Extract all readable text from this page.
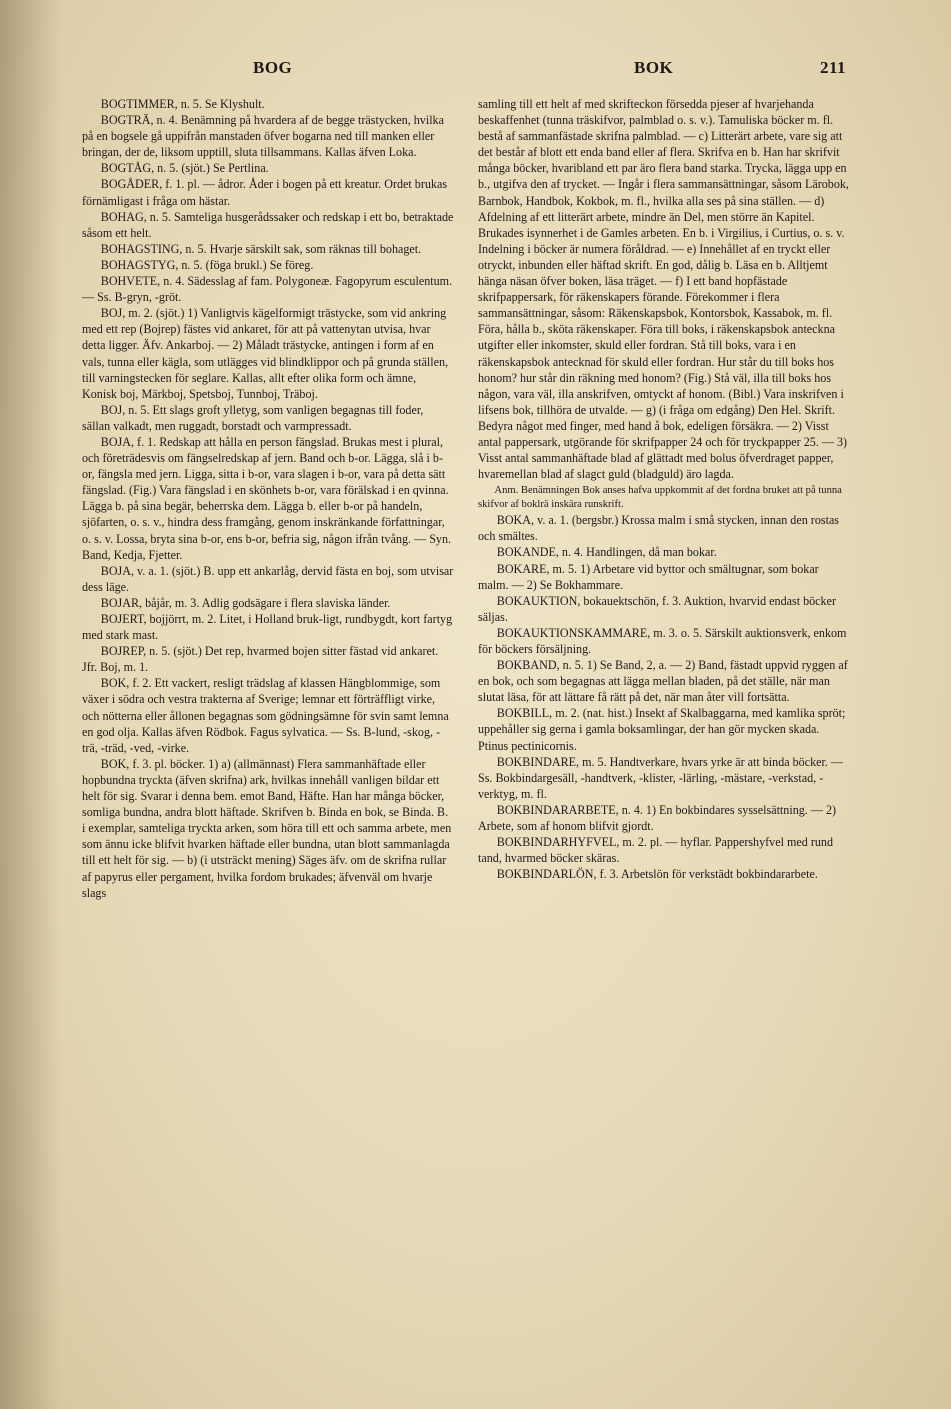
BOG	BOK	211

BOGTIMMER, n. 5. Se Klyshult.

BOGTRÄ, n. 4. Benämning på hvardera af de begge trästycken, hvilka på en bogsele gå uppifrån manstaden öfver bogarna ned till manken eller bringan, der de, liksom upptill, sluta tillsammans. Kallas äfven Loka.

BOGTÅG, n. 5. (sjöt.) Se Pertlina.

BOGÅDER, f. 1. pl. — ådror. Åder i bogen på ett kreatur. Ordet brukas förnämligast i fråga om hästar.

BOHAG, n. 5. Samteliga husgerådssaker och redskap i ett bo, betraktade såsom ett helt.

BOHAGSTING, n. 5. Hvarje särskilt sak, som räknas till bohaget.

BOHAGSTYG, n. 5. (föga brukl.) Se föreg.

BOHVETE, n. 4. Sädesslag af fam. Polygoneæ. Fagopyrum esculentum. — Ss. B-gryn, -gröt.

BOJ, m. 2. (sjöt.) 1) Vanligtvis kägelformigt trästycke, som vid ankring med ett rep (Bojrep) fästes vid ankaret, för att på vattenytan utvisa, hvar detta ligger. Äfv. Ankarboj. — 2) Måladt trästycke, antingen i form af en vals, tunna eller kägla, som utlägges vid blindklippor och på grunda ställen, till varningstecken för seglare. Kallas, allt efter olika form och ämne, Konisk boj, Märkboj, Spetsboj, Tunnboj, Träboj.

BOJ, n. 5. Ett slags groft ylletyg, som vanligen begagnas till foder, sällan valkadt, men ruggadt, borstadt och varmpressadt.

BOJA, f. 1. Redskap att hålla en person fängslad. Brukas mest i plural, och företrädesvis om fängselredskap af jern. Band och b-or. Lägga, slå i b-or, fängsla med jern. Ligga, sitta i b-or, vara slagen i b-or, vara på detta sätt fängslad. (Fig.) Vara fängslad i en skönhets b-or, vara förälskad i en qvinna. Lägga b. på sina begär, beherrska dem. Lägga b. eller b-or på handeln, sjöfarten, o. s. v., hindra dess framgång, genom inskränkande författningar, o. s. v. Lossa, bryta sina b-or, ens b-or, befria sig, någon ifrån tvång. — Syn. Band, Kedja, Fjetter.

BOJA, v. a. 1. (sjöt.) B. upp ett ankarlåg, dervid fästa en boj, som utvisar dess läge.

BOJAR, båjår, m. 3. Adlig godsägare i flera slaviska länder.

BOJERT, bojjörrt, m. 2. Litet, i Holland bruk-ligt, rundbygdt, kort fartyg med stark mast.

BOJREP, n. 5. (sjöt.) Det rep, hvarmed bojen sitter fästad vid ankaret. Jfr. Boj, m. 1.

BOK, f. 2. Ett vackert, resligt trädslag af klassen Hängblommige, som växer i södra och vestra trakterna af Sverige; lemnar ett förträffligt virke, och nötterna eller ållonen begagnas som gödningsämne för svin samt lemna en god olja. Kallas äfven Rödbok. Fagus sylvatica. — Ss. B-lund, -skog, -trä, -träd, -ved, -virke.

BOK, f. 3. pl. böcker. 1) a) (allmännast) Flera sammanhäftade eller hopbundna tryckta (äfven skrifna) ark, hvilkas innehåll vanligen bildar ett helt för sig. Svarar i denna bem. emot Band, Häfte. Han har många böcker, somliga bundna, andra blott häftade. Skrifven b. Binda en bok, se Binda. B. i exemplar, samteliga tryckta arken, som höra till ett och samma arbete, men som ännu icke blifvit hvarken häftade eller bundna, utan blott sammanlagda till ett helt för sig. — b) (i utsträckt mening) Säges äfv. om de skrifna rullar af papyrus eller pergament, hvilka fordom brukades; äfvenväl om hvarje slags

samling till ett helt af med skrifteckon försedda pjeser af hvarjehanda beskaffenhet (tunna träskifvor, palmblad o. s. v.). Tamuliska böcker m. fl. bestå af sammanfästade skrifna palmblad. — c) Litterärt arbete, vare sig att det består af blott ett enda band eller af flera. Skrifva en b. Han har skrifvit många böcker, hvaribland ett par äro flera band starka. Trycka, lägga upp en b., utgifva den af trycket. — Ingår i flera sammansättningar, såsom Lärobok, Barnbok, Handbok, Kokbok, m. fl., hvilka alla ses på sina ställen. — d) Afdelning af ett litterärt arbete, mindre än Del, men större än Kapitel. Brukades isynnerhet i de Gamles arbeten. En b. i Virgilius, i Curtius, o. s. v. Indelning i böcker är numera föråldrad. — e) Innehållet af en tryckt eller otryckt, inbunden eller häftad skrift. En god, dålig b. Läsa en b. Alltjemt hänga näsan öfver boken, läsa träget. — f) I ett band hopfästade skrifpappersark, för räkenskapers förande. Förekommer i flera sammansättningar, såsom: Räkenskapsbok, Kontorsbok, Kassabok, m. fl. Föra, hålla b., sköta räkenskaper. Föra till boks, i räkenskapsbok anteckna utgifter eller inkomster, skuld eller fordran. Stå till boks, vara i en räkenskapsbok antecknad för skuld eller fordran. Hur står du till boks hos honom? hur står din räkning med honom? (Fig.) Stå väl, illa till boks hos någon, vara väl, illa anskrifven, omtyckt af honom. (Bibl.) Vara inskrifven i lifsens bok, tillhöra de utvalde. — g) (i fråga om edgång) Den Hel. Skrift. Bedyra något med finger, med hand å bok, edeligen försäkra. — 2) Visst antal pappersark, utgörande för skrifpapper 24 och för tryckpapper 25. — 3) Visst antal sammanhäftade blad af glättadt med bolus öfverdraget papper, hvaremellan blad af slagct guld (bladguld) äro lagda.

Anm. Benämningen Bok anses hafva uppkommit af det fordna bruket att på tunna skifvor af boklrä inskära runskrift.

BOKA, v. a. 1. (bergsbr.) Krossa malm i små stycken, innan den rostas och smältes.

BOKANDE, n. 4. Handlingen, då man bokar.

BOKARE, m. 5. 1) Arbetare vid byttor och smältugnar, som bokar malm. — 2) Se Bokhammare.

BOKAUKTION, bokauektschön, f. 3. Auktion, hvarvid endast böcker säljas.

BOKAUKTIONSKAMMARE, m. 3. o. 5. Särskilt auktionsverk, enkom för böckers försäljning.

BOKBAND, n. 5. 1) Se Band, 2, a. — 2) Band, fästadt uppvid ryggen af en bok, och som begagnas att lägga mellan bladen, på det ställe, när man slutat läsa, för att lättare få rätt på det, när man åter vill fortsätta.

BOKBILL, m. 2. (nat. hist.) Insekt af Skalbaggarna, med kamlika spröt; uppehåller sig gerna i gamla boksamlingar, der han gör mycken skada. Ptinus pectinicornis.

BOKBINDARE, m. 5. Handtverkare, hvars yrke är att binda böcker. — Ss. Bokbindargesäll, -handtverk, -klister, -lärling, -mästare, -verkstad, -verktyg, m. fl.

BOKBINDARARBETE, n. 4. 1) En bokbindares sysselsättning. — 2) Arbete, som af honom blifvit gjordt.

BOKBINDARHYFVEL, m. 2. pl. — hyflar. Pappershyfvel med rund tand, hvarmed böcker skäras.

BOKBINDARLÖN, f. 3. Arbetslön för verkstädt bokbindararbete.
